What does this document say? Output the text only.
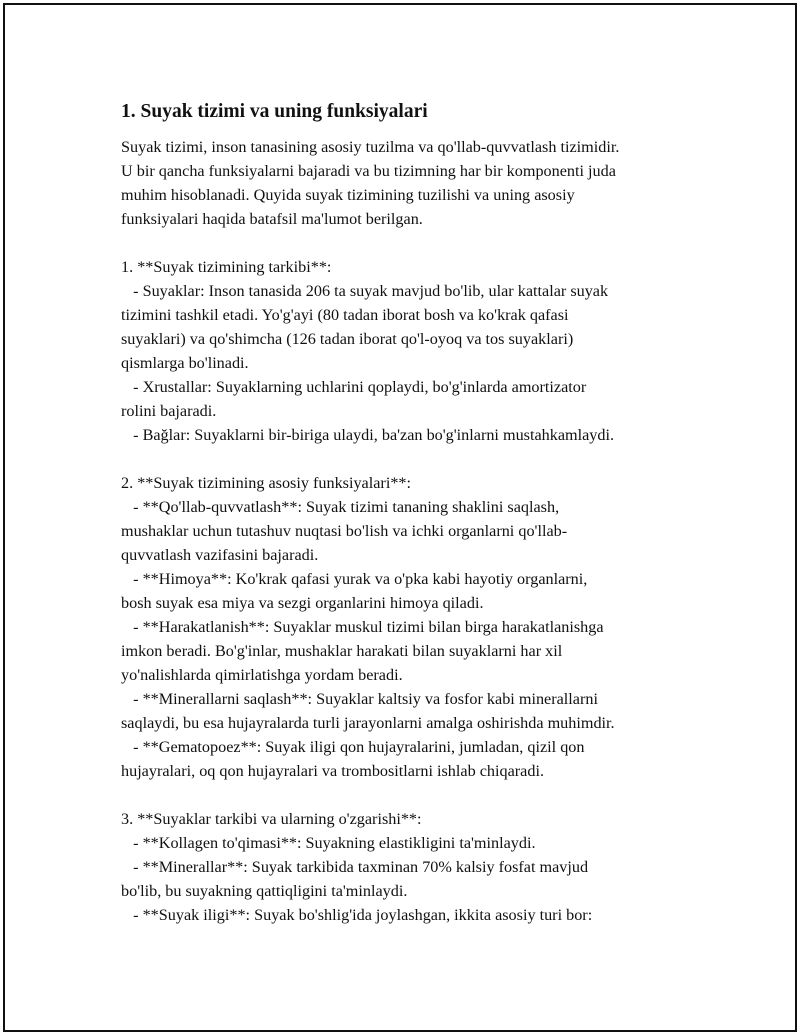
1. Suyak tizimi va uning funksiyalari
Suyak tizimi, inson tanasining asosiy tuzilma va qo'llab-quvvatlash tizimidir.
U bir qancha funksiyalarni bajaradi va bu tizimning har bir komponenti juda
muhim hisoblanadi. Quyida suyak tizimining tuzilishi va uning asosiy
funksiyalari haqida batafsil ma'lumot berilgan.
1. **Suyak tizimining tarkibi**:
- Suyaklar: Inson tanasida 206 ta suyak mavjud bo'lib, ular kattalar suyak
tizimini tashkil etadi. Yo'g'ayi (80 tadan iborat bosh va ko'krak qafasi
suyaklari) va qo'shimcha (126 tadan iborat qo'l-oyoq va tos suyaklari)
qismlarga bo'linadi.
- Xrustallar: Suyaklarning uchlarini qoplaydi, bo'g'inlarda amortizator
rolini bajaradi.
- Bağlar: Suyaklarni bir-biriga ulaydi, ba'zan bo'g'inlarni mustahkamlaydi.
2. **Suyak tizimining asosiy funksiyalari**:
- **Qo'llab-quvvatlash**: Suyak tizimi tananing shaklini saqlash,
mushaklar uchun tutashuv nuqtasi bo'lish va ichki organlarni qo'llab-
quvvatlash vazifasini bajaradi.
- **Himoya**: Ko'krak qafasi yurak va o'pka kabi hayotiy organlarni,
bosh suyak esa miya va sezgi organlarini himoya qiladi.
- **Harakatlanish**: Suyaklar muskul tizimi bilan birga harakatlanishga
imkon beradi. Bo'g'inlar, mushaklar harakati bilan suyaklarni har xil
yo'nalishlarda qimirlatishga yordam beradi.
- **Minerallarni saqlash**: Suyaklar kaltsiy va fosfor kabi minerallarni
saqlaydi, bu esa hujayralarda turli jarayonlarni amalga oshirishda muhimdir.
- **Gematopoez**: Suyak iligi qon hujayralarini, jumladan, qizil qon
hujayralari, oq qon hujayralari va trombositlarni ishlab chiqaradi.
3. **Suyaklar tarkibi va ularning o'zgarishi**:
- **Kollagen to'qimasi**: Suyakning elastikligini ta'minlaydi.
- **Minerallar**: Suyak tarkibida taxminan 70% kalsiy fosfat mavjud
bo'lib, bu suyakning qattiqligini ta'minlaydi.
- **Suyak iligi**: Suyak bo'shlig'ida joylashgan, ikkita asosiy turi bor:
